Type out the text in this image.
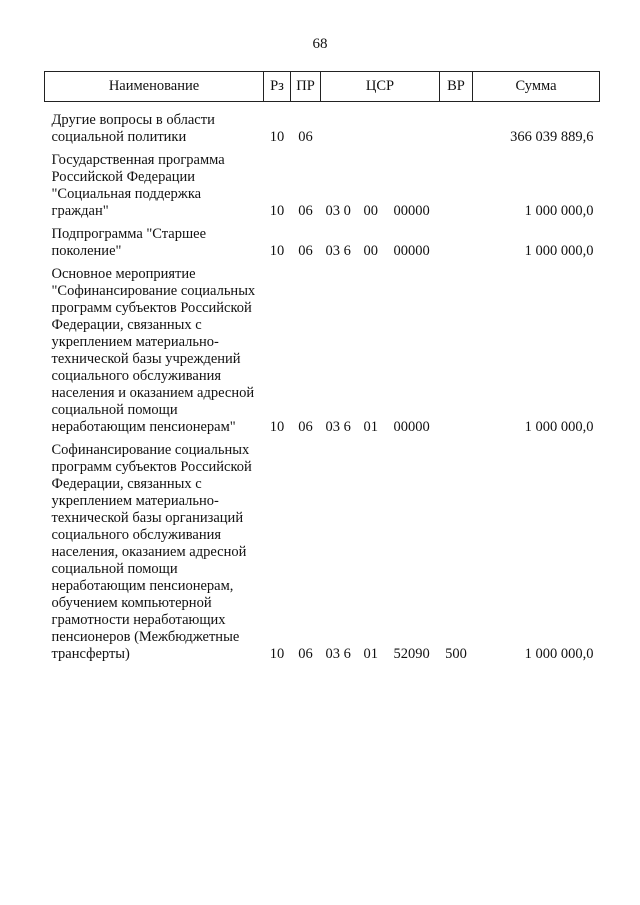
68
Наименование	Рз	ПР	ЦСР	ВР	Сумма
Другие вопросы в области социальной политики	10	06			366 039 889,6
Государственная программа Российской Федерации "Социальная поддержка граждан"	10	06	03 0 00 00000		1 000 000,0
Подпрограмма "Старшее поколение"	10	06	03 6 00 00000		1 000 000,0
Основное мероприятие "Софинансирование социальных программ субъектов Российской Федерации, связанных с укреплением материально-технической базы учреждений социального обслуживания населения и оказанием адресной социальной помощи неработающим пенсионерам"	10	06	03 6 01 00000		1 000 000,0
Софинансирование социальных программ субъектов Российской Федерации, связанных с укреплением материально-технической базы организаций социального обслуживания населения, оказанием адресной социальной помощи неработающим пенсионерам, обучением компьютерной грамотности неработающих пенсионеров (Межбюджетные трансферты)	10	06	03 6 01 52090	500	1 000 000,0
